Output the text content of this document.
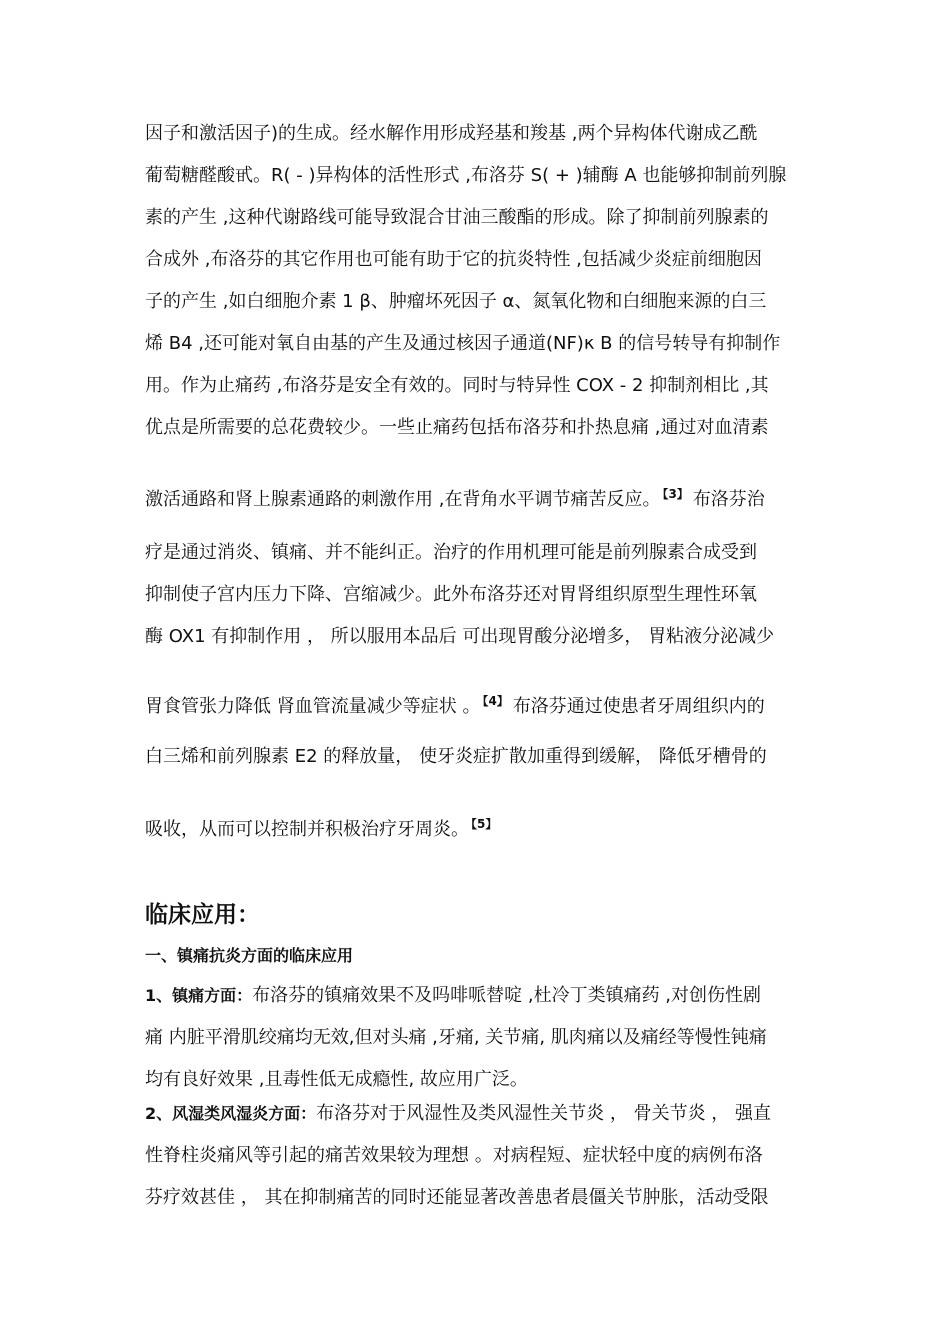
因子和激活因子)的生成。经水解作用形成羟基和羧基 ,两个异构体代谢成乙酰
葡萄糖醛酸甙。R( - )异构体的活性形式 ,布洛芬 S( + )辅酶 A 也能够抑制前列腺
素的产生 ,这种代谢路线可能导致混合甘油三酸酯的形成。除了抑制前列腺素的
合成外 ,布洛芬的其它作用也可能有助于它的抗炎特性 ,包括减少炎症前细胞因
子的产生 ,如白细胞介素 1 β、肿瘤坏死因子 α、氮氧化物和白细胞来源的白三
烯 B4 ,还可能对氧自由基的产生及通过核因子通道(NF)κ B 的信号转导有抑制作
用。作为止痛药 ,布洛芬是安全有效的。同时与特异性 COX - 2 抑制剂相比 ,其
优点是所需要的总花费较少。一些止痛药包括布洛芬和扑热息痛 ,通过对血清素
激活通路和肾上腺素通路的刺激作用 ,在背角水平调节痛苦反应。 $^{【3】}$ 布洛芬治
疗是通过消炎、镇痛、并不能纠正。治疗的作用机理可能是前列腺素合成受到
抑制使子宫内压力下降、宫缩减少。此外布洛芬还对胃肾组织原型生理性环氧
酶 OX1 有抑制作用 ， 所以服用本品后 可出现胃酸分泌增多， 胃粘液分泌减少
胃食管张力降低 肾血管流量减少等症状 。 $^{【4】}$ 布洛芬通过使患者牙周组织内的
白三烯和前列腺素 E2 的释放量， 使牙炎症扩散加重得到缓解， 降低牙槽骨的
吸收，从而可以控制并积极治疗牙周炎。 $^{【5】}$
临床应用：
一、镇痛抗炎方面的临床应用
1、镇痛方面：布洛芬的镇痛效果不及吗啡哌替啶 ,杜冷丁类镇痛药 ,对创伤性剧
痛 内脏平滑肌绞痛均无效,但对头痛 ,牙痛, 关节痛, 肌肉痛以及痛经等慢性钝痛
均有良好效果 ,且毒性低无成瘾性, 故应用广泛。
2、风湿类风湿炎方面：布洛芬对于风湿性及类风湿性关节炎 ， 骨关节炎 ， 强直
性脊柱炎痛风等引起的痛苦效果较为理想 。对病程短、症状轻中度的病例布洛
芬疗效甚佳 ， 其在抑制痛苦的同时还能显著改善患者晨僵关节肿胀，活动受限
